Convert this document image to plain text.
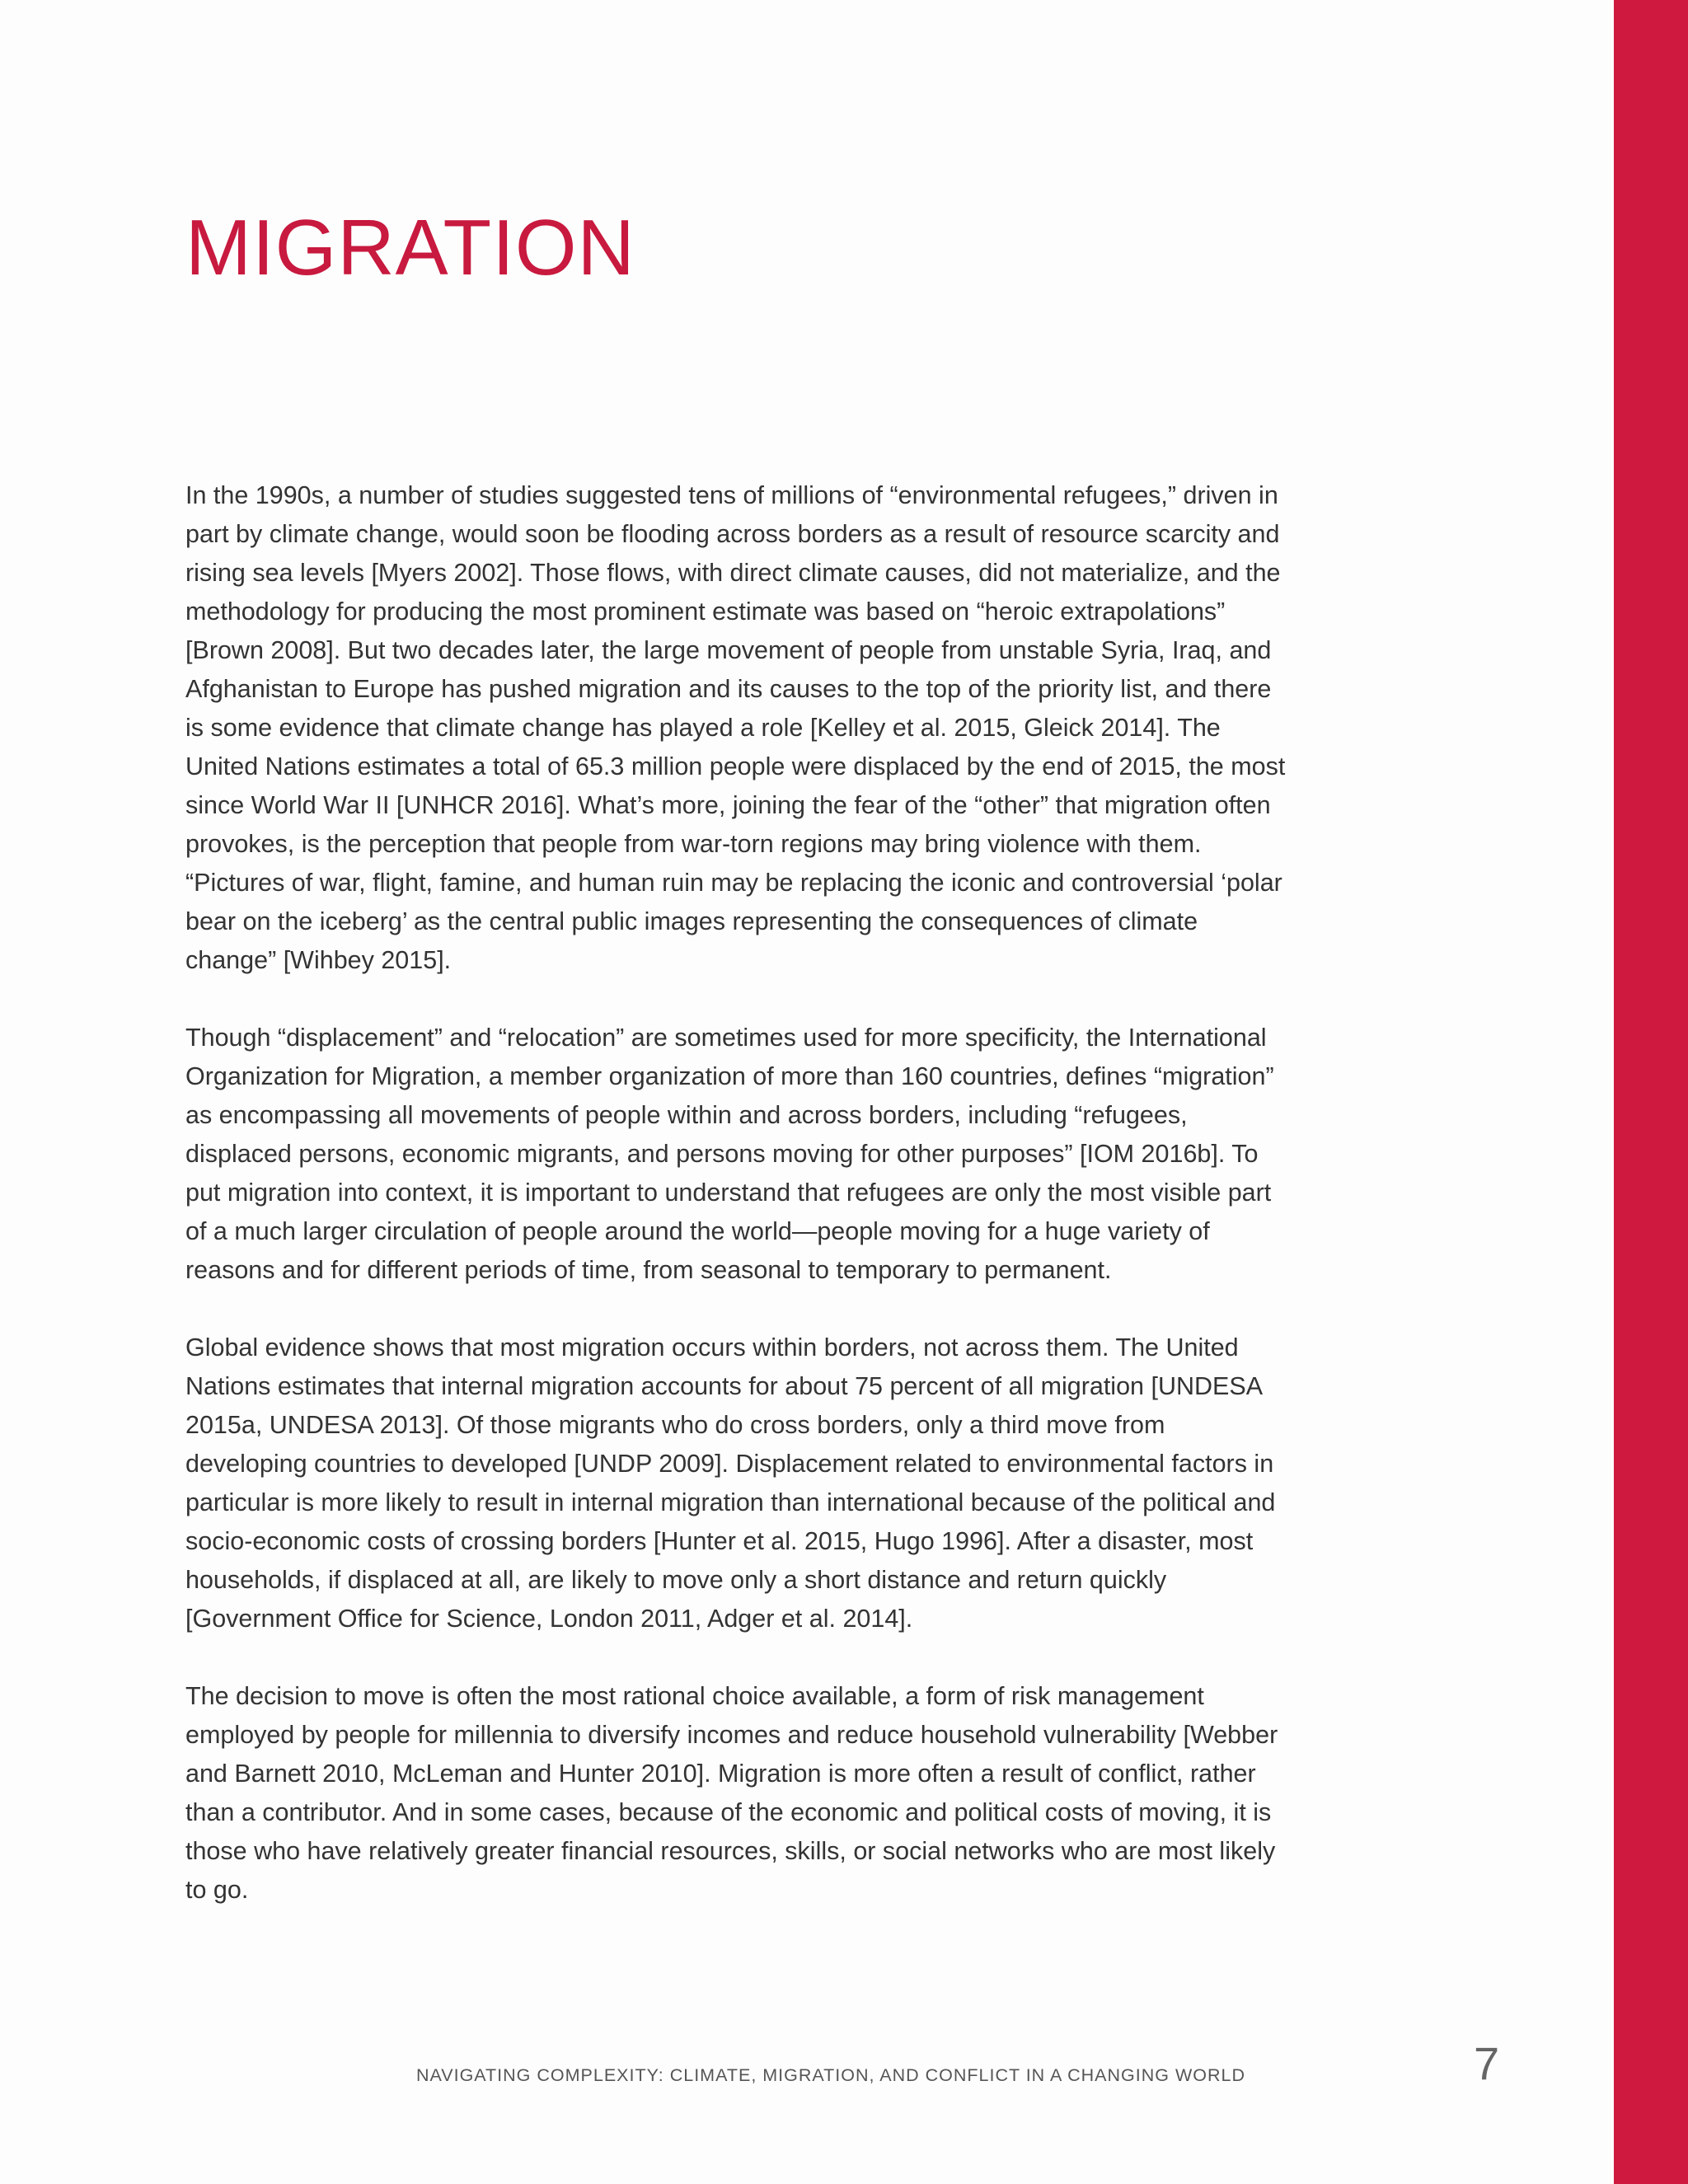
MIGRATION

In the 1990s, a number of studies suggested tens of millions of “environmental refugees,” driven in part by climate change, would soon be flooding across borders as a result of resource scarcity and rising sea levels [Myers 2002]. Those flows, with direct climate causes, did not materialize, and the methodology for producing the most prominent estimate was based on “heroic extrapolations” [Brown 2008]. But two decades later, the large movement of people from unstable Syria, Iraq, and Afghanistan to Europe has pushed migration and its causes to the top of the priority list, and there is some evidence that climate change has played a role [Kelley et al. 2015, Gleick 2014]. The United Nations estimates a total of 65.3 million people were displaced by the end of 2015, the most since World War II [UNHCR 2016]. What’s more, joining the fear of the “other” that migration often provokes, is the perception that people from war-torn regions may bring violence with them. “Pictures of war, flight, famine, and human ruin may be replacing the iconic and controversial ‘polar bear on the iceberg’ as the central public images representing the consequences of climate change” [Wihbey 2015].

Though “displacement” and “relocation” are sometimes used for more specificity, the International Organization for Migration, a member organization of more than 160 countries, defines “migration” as encompassing all movements of people within and across borders, including “refugees, displaced persons, economic migrants, and persons moving for other purposes” [IOM 2016b]. To put migration into context, it is important to understand that refugees are only the most visible part of a much larger circulation of people around the world—people moving for a huge variety of reasons and for different periods of time, from seasonal to temporary to permanent.

Global evidence shows that most migration occurs within borders, not across them. The United Nations estimates that internal migration accounts for about 75 percent of all migration [UNDESA 2015a, UNDESA 2013]. Of those migrants who do cross borders, only a third move from developing countries to developed [UNDP 2009]. Displacement related to environmental factors in particular is more likely to result in internal migration than international because of the political and socio-economic costs of crossing borders [Hunter et al. 2015, Hugo 1996]. After a disaster, most households, if displaced at all, are likely to move only a short distance and return quickly [Government Office for Science, London 2011, Adger et al. 2014].

The decision to move is often the most rational choice available, a form of risk management employed by people for millennia to diversify incomes and reduce household vulnerability [Webber and Barnett 2010, McLeman and Hunter 2010]. Migration is more often a result of conflict, rather than a contributor. And in some cases, because of the economic and political costs of moving, it is those who have relatively greater financial resources, skills, or social networks who are most likely to go.

NAVIGATING COMPLEXITY: CLIMATE, MIGRATION, AND CONFLICT IN A CHANGING WORLD	7
